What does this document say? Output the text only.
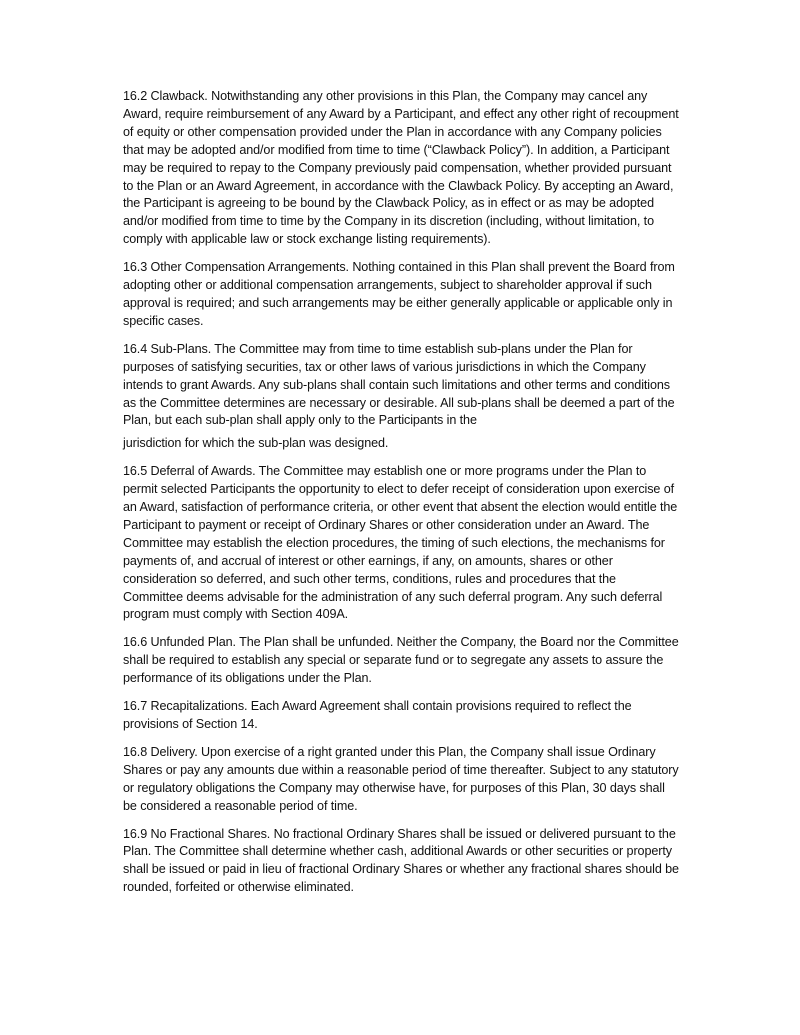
16.2 Clawback. Notwithstanding any other provisions in this Plan, the Company may cancel any Award, require reimbursement of any Award by a Participant, and effect any other right of recoupment of equity or other compensation provided under the Plan in accordance with any Company policies that may be adopted and/or modified from time to time (“Clawback Policy”). In addition, a Participant may be required to repay to the Company previously paid compensation, whether provided pursuant to the Plan or an Award Agreement, in accordance with the Clawback Policy. By accepting an Award, the Participant is agreeing to be bound by the Clawback Policy, as in effect or as may be adopted and/or modified from time to time by the Company in its discretion (including, without limitation, to comply with applicable law or stock exchange listing requirements).

16.3 Other Compensation Arrangements. Nothing contained in this Plan shall prevent the Board from adopting other or additional compensation arrangements, subject to shareholder approval if such approval is required; and such arrangements may be either generally applicable or applicable only in specific cases.

16.4 Sub-Plans. The Committee may from time to time establish sub-plans under the Plan for purposes of satisfying securities, tax or other laws of various jurisdictions in which the Company intends to grant Awards. Any sub-plans shall contain such limitations and other terms and conditions as the Committee determines are necessary or desirable. All sub-plans shall be deemed a part of the Plan, but each sub-plan shall apply only to the Participants in the

jurisdiction for which the sub-plan was designed.

16.5 Deferral of Awards. The Committee may establish one or more programs under the Plan to permit selected Participants the opportunity to elect to defer receipt of consideration upon exercise of an Award, satisfaction of performance criteria, or other event that absent the election would entitle the Participant to payment or receipt of Ordinary Shares or other consideration under an Award. The Committee may establish the election procedures, the timing of such elections, the mechanisms for payments of, and accrual of interest or other earnings, if any, on amounts, shares or other consideration so deferred, and such other terms, conditions, rules and procedures that the Committee deems advisable for the administration of any such deferral program. Any such deferral program must comply with Section 409A.

16.6 Unfunded Plan. The Plan shall be unfunded. Neither the Company, the Board nor the Committee shall be required to establish any special or separate fund or to segregate any assets to assure the performance of its obligations under the Plan.

16.7 Recapitalizations. Each Award Agreement shall contain provisions required to reflect the provisions of Section 14.

16.8 Delivery. Upon exercise of a right granted under this Plan, the Company shall issue Ordinary Shares or pay any amounts due within a reasonable period of time thereafter. Subject to any statutory or regulatory obligations the Company may otherwise have, for purposes of this Plan, 30 days shall be considered a reasonable period of time.

16.9 No Fractional Shares. No fractional Ordinary Shares shall be issued or delivered pursuant to the Plan. The Committee shall determine whether cash, additional Awards or other securities or property shall be issued or paid in lieu of fractional Ordinary Shares or whether any fractional shares should be rounded, forfeited or otherwise eliminated.
